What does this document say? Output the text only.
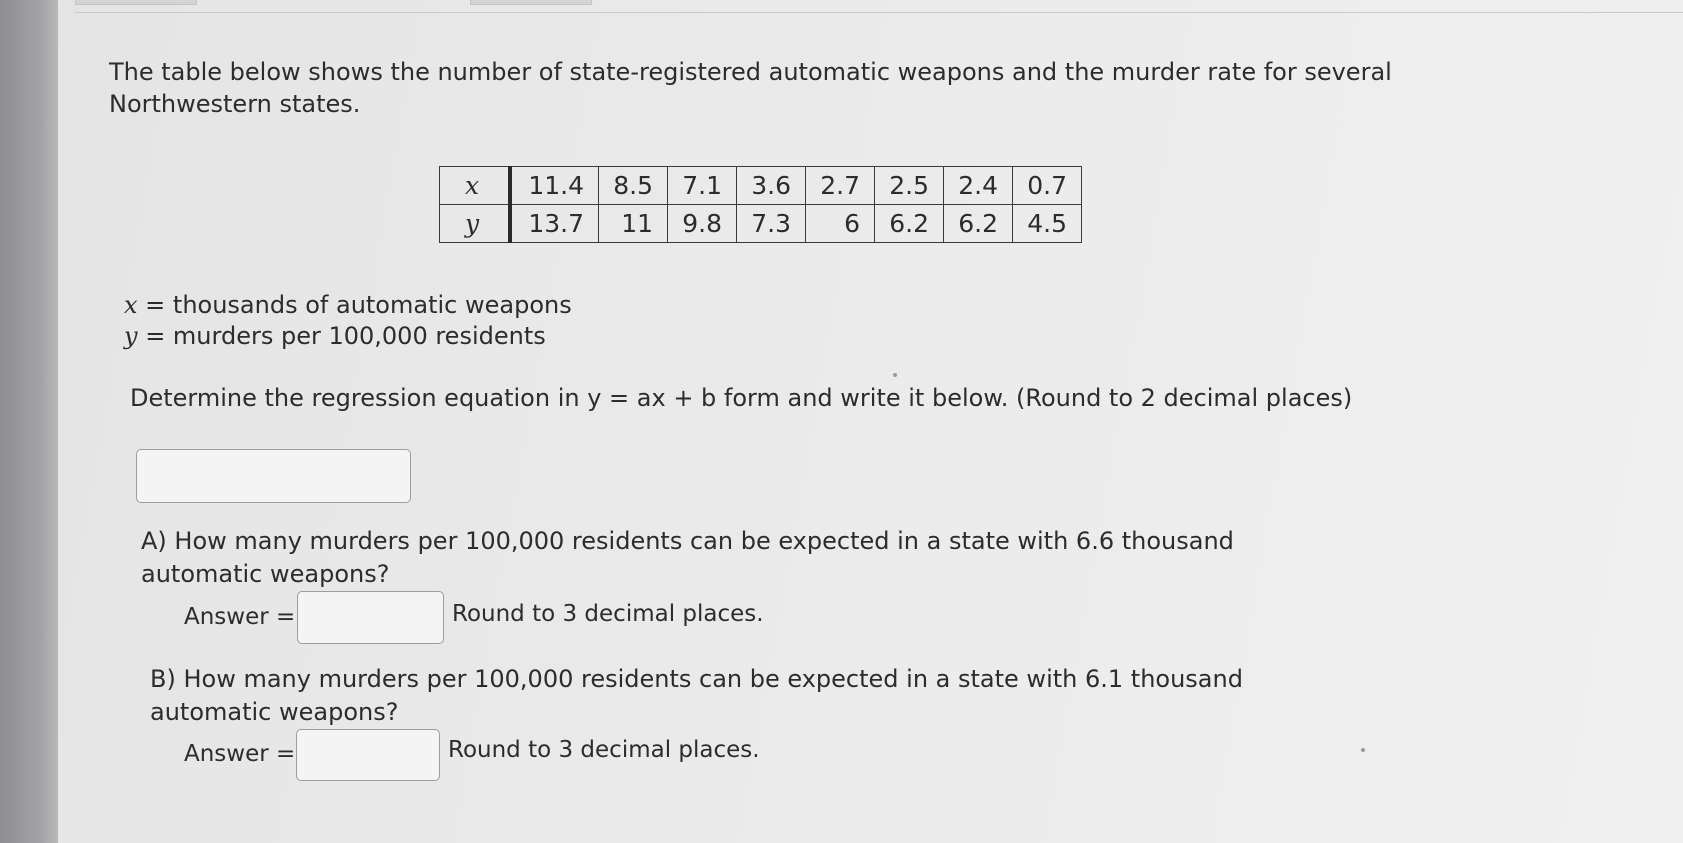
The table below shows the number of state-registered automatic weapons and the murder rate for several Northwestern states.
x	11.4	8.5	7.1	3.6	2.7	2.5	2.4	0.7
y	13.7	11	9.8	7.3	6	6.2	6.2	4.5
x = thousands of automatic weapons
y = murders per 100,000 residents
Determine the regression equation in y = ax + b form and write it below. (Round to 2 decimal places)
A) How many murders per 100,000 residents can be expected in a state with 6.6 thousand automatic weapons?
Answer =	Round to 3 decimal places.
B) How many murders per 100,000 residents can be expected in a state with 6.1 thousand automatic weapons?
Answer =	Round to 3 decimal places.
